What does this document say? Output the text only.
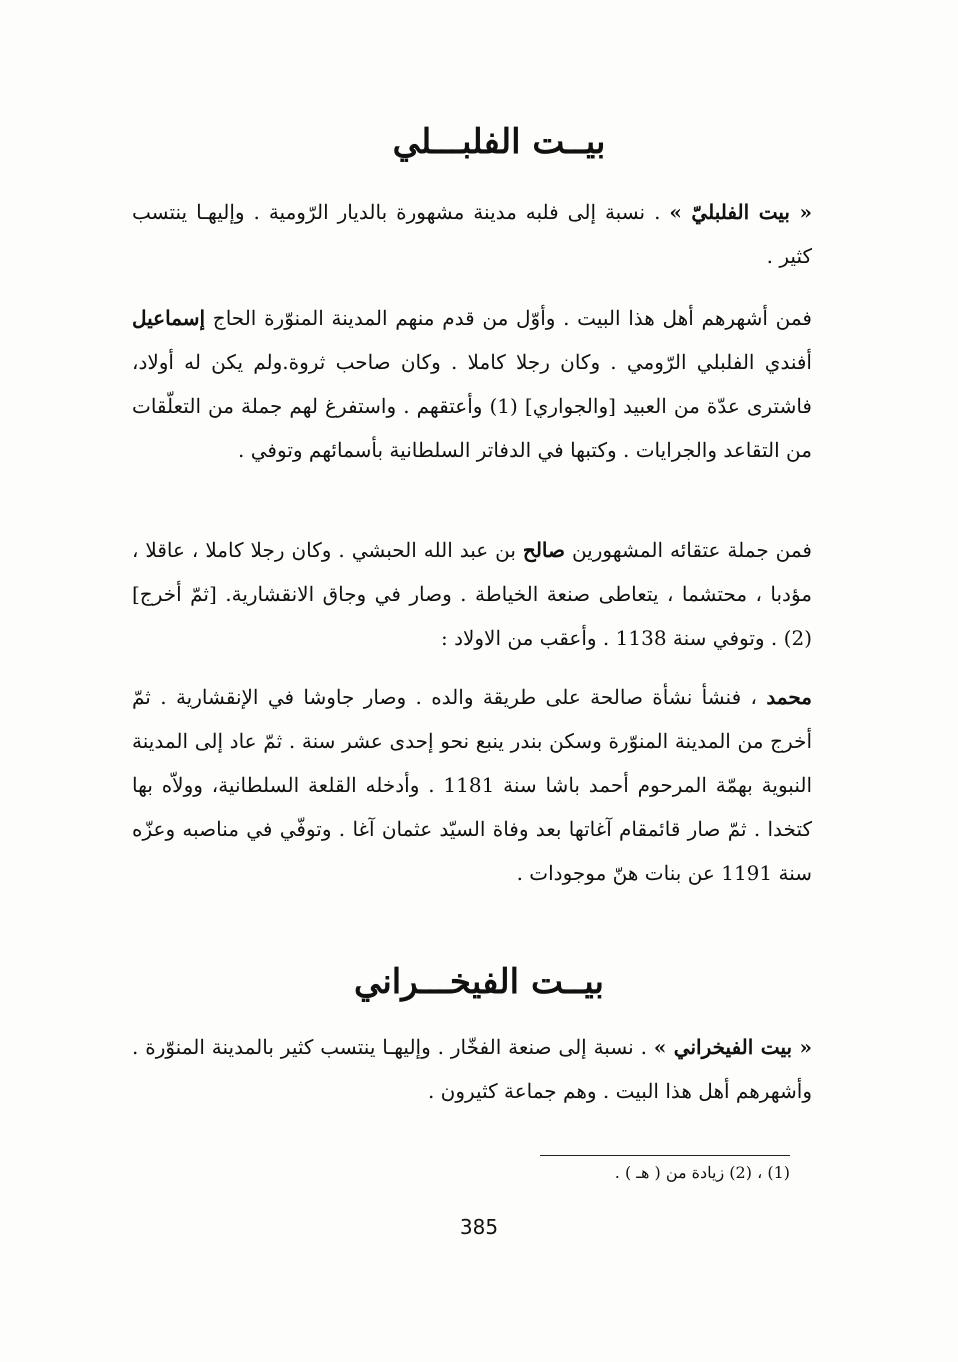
بيــت الفلبـــلي
« بيت الفلبليّ » . نسبة إلى فلبه مدينة مشهورة بالديار الرّومية . وإليهـا ينتسب كثير .
فمن أشهرهم أهل هذا البيت . وأوّل من قدم منهم المدينة المنوّرة الحاج إسماعيل أفندي الفلبلي الرّومي . وكان رجلا كاملا . وكان صاحب ثروة.ولم يكن له أولاد، فاشترى عدّة من العبيد [والجواري] (1) وأعتقهم . واستفرغ لهم جملة من التعلّقات من التقاعد والجرايات . وكتبها في الدفاتر السلطانية بأسمائهم وتوفي .
فمن جملة عتقائه المشهورين صالح بن عبد الله الحبشي . وكان رجلا كاملا ، عاقلا ، مؤدبا ، محتشما ، يتعاطى صنعة الخياطة . وصار في وجاق الانقشارية. [ثمّ أخرج] (2) . وتوفي سنة 1138 . وأعقب من الاولاد :
محمد ، فنشأ نشأة صالحة على طريقة والده . وصار جاوشا في الإنقشارية . ثمّ أخرج من المدينة المنوّرة وسكن بندر ينبع نحو إحدى عشر سنة . ثمّ عاد إلى المدينة النبوية بهمّة المرحوم أحمد باشا سنة 1181 . وأدخله القلعة السلطانية، وولاّه بها كتخدا . ثمّ صار قائمقام آغاتها بعد وفاة السيّد عثمان آغا . وتوفّي في مناصبه وعزّه سنة 1191 عن بنات هنّ موجودات .
بيــت الفيخـــراني
« بيت الفيخراني » . نسبة إلى صنعة الفخّار . وإليهـا ينتسب كثير بالمدينة المنوّرة . وأشهرهم أهل هذا البيت . وهم جماعة كثيرون .
(1) ، (2) زيادة من ( هـ ) .
385
